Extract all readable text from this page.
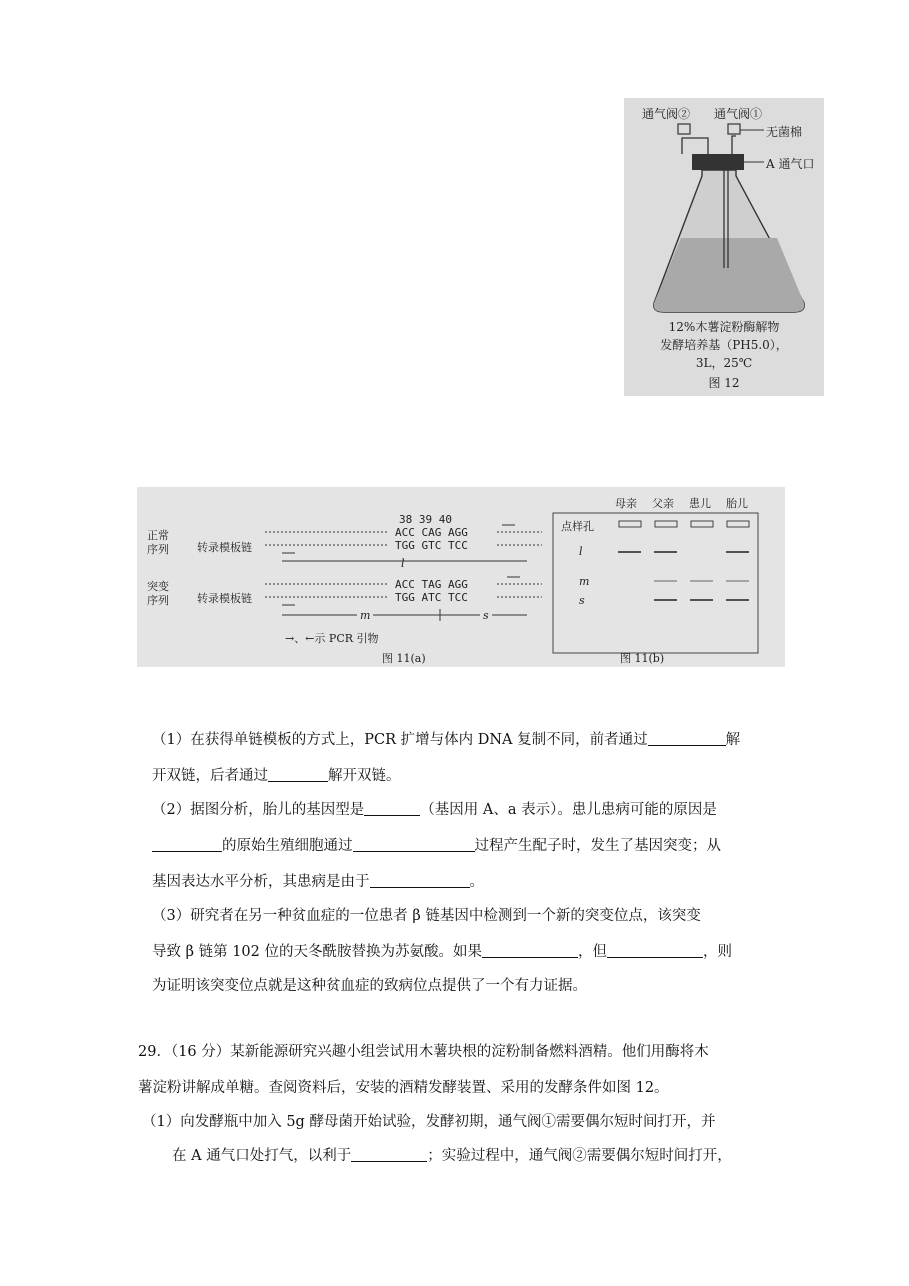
通气阀② 通气阀①
无菌棉
A 通气口
12%木薯淀粉酶解物
发酵培养基（PH5.0），
3L，25℃
图 12
正常
序列	转录模板链
突变
序列	转录模板链
38 39 40
ACC CAG AGG
TGG GTC TCC
l
ACC TAG AGG
TGG ATC TCC
m	s
→、←示 PCR 引物
图 11(a)
母亲 父亲 患儿 胎儿
点样孔
l
m
s
图 11(b)
（1）在获得单链模板的方式上，PCR 扩增与体内 DNA 复制不同，前者通过	解
开双链，后者通过	解开双链。
（2）据图分析，胎儿的基因型是	（基因用 A、a 表示）。患儿患病可能的原因是
的原始生殖细胞通过	过程产生配子时，发生了基因突变；从
基因表达水平分析，其患病是由于	。
（3）研究者在另一种贫血症的一位患者 β 链基因中检测到一个新的突变位点，该突变
导致 β 链第 102 位的天冬酰胺替换为苏氨酸。如果	，但	，则
为证明该突变位点就是这种贫血症的致病位点提供了一个有力证据。
29．（16 分）某新能源研究兴趣小组尝试用木薯块根的淀粉制备燃料酒精。他们用酶将木
薯淀粉讲解成单糖。查阅资料后，安装的酒精发酵装置、采用的发酵条件如图 12。
（1）向发酵瓶中加入 5g 酵母菌开始试验，发酵初期，通气阀①需要偶尔短时间打开，并
在 A 通气口处打气，以利于	；实验过程中，通气阀②需要偶尔短时间打开，
